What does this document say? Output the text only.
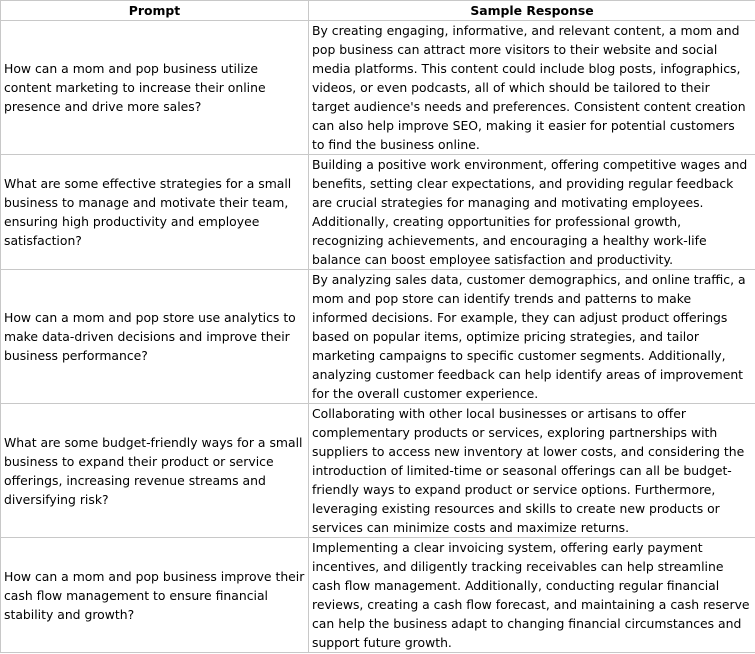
Prompt	Sample Response
How can a mom and pop business utilize content marketing to increase their online presence and drive more sales?	By creating engaging, informative, and relevant content, a mom and pop business can attract more visitors to their website and social media platforms. This content could include blog posts, infographics, videos, or even podcasts, all of which should be tailored to their target audience's needs and preferences. Consistent content creation can also help improve SEO, making it easier for potential customers to find the business online.
What are some effective strategies for a small business to manage and motivate their team, ensuring high productivity and employee satisfaction?	Building a positive work environment, offering competitive wages and benefits, setting clear expectations, and providing regular feedback are crucial strategies for managing and motivating employees. Additionally, creating opportunities for professional growth, recognizing achievements, and encouraging a healthy work-life balance can boost employee satisfaction and productivity.
How can a mom and pop store use analytics to make data-driven decisions and improve their business performance?	By analyzing sales data, customer demographics, and online traffic, a mom and pop store can identify trends and patterns to make informed decisions. For example, they can adjust product offerings based on popular items, optimize pricing strategies, and tailor marketing campaigns to specific customer segments. Additionally, analyzing customer feedback can help identify areas of improvement for the overall customer experience.
What are some budget-friendly ways for a small business to expand their product or service offerings, increasing revenue streams and diversifying risk?	Collaborating with other local businesses or artisans to offer complementary products or services, exploring partnerships with suppliers to access new inventory at lower costs, and considering the introduction of limited-time or seasonal offerings can all be budget-friendly ways to expand product or service options. Furthermore, leveraging existing resources and skills to create new products or services can minimize costs and maximize returns.
How can a mom and pop business improve their cash flow management to ensure financial stability and growth?	Implementing a clear invoicing system, offering early payment incentives, and diligently tracking receivables can help streamline cash flow management. Additionally, conducting regular financial reviews, creating a cash flow forecast, and maintaining a cash reserve can help the business adapt to changing financial circumstances and support future growth.
